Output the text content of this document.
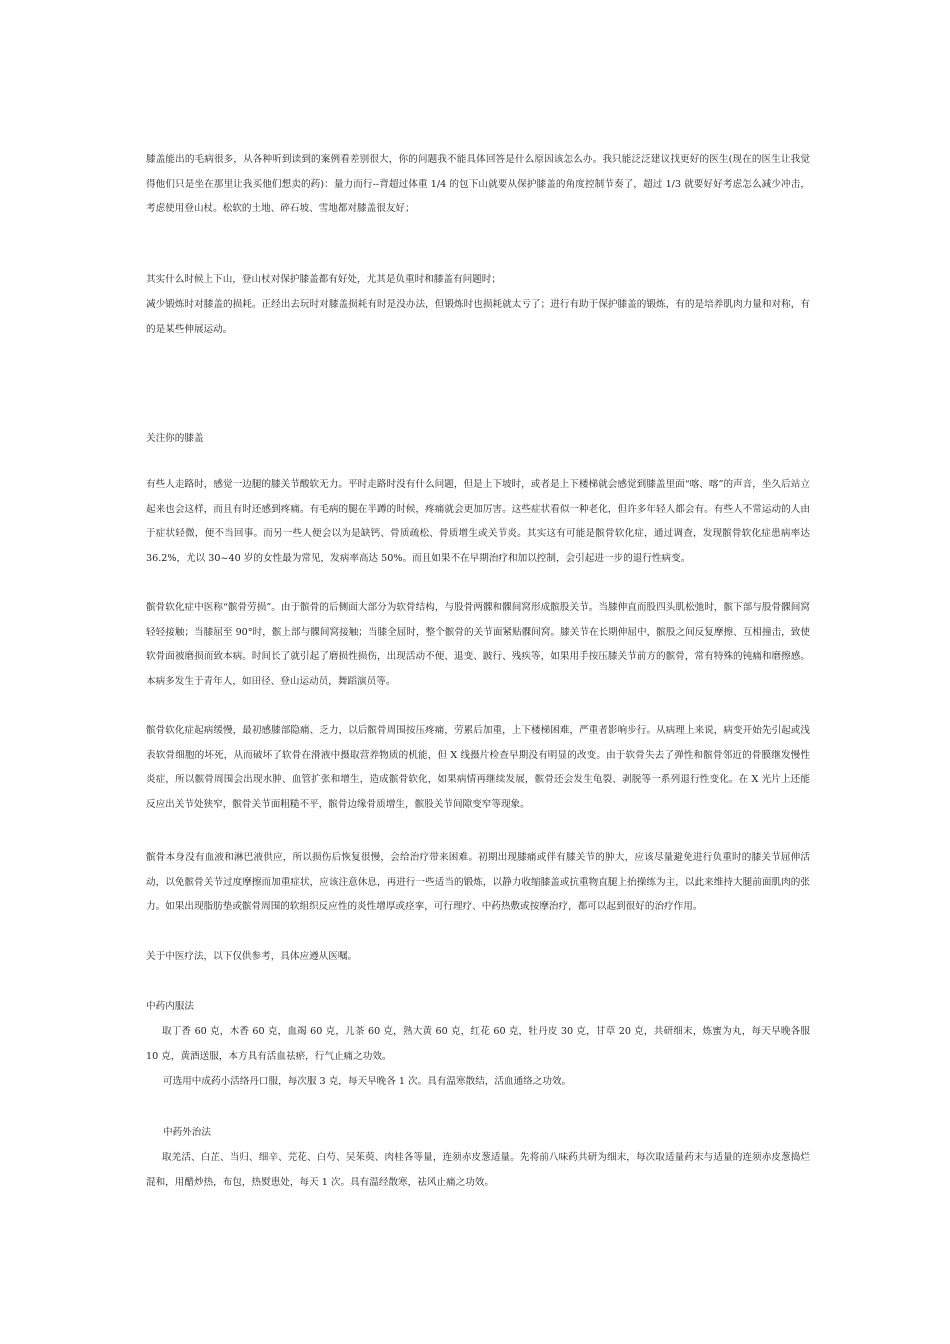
膝盖能出的毛病很多，从各种听到读到的案例看差别很大，你的问题我不能具体回答是什么原因该怎么办。我只能泛泛建议找更好的医生(现在的医生让我觉得他们只是坐在那里让我买他们想卖的药)：量力而行--背超过体重 1/4 的包下山就要从保护膝盖的角度控制节奏了，超过 1/3 就要好好考虑怎么减少冲击，考虑使用登山杖。松软的土地、碎石坡、雪地都对膝盖很友好；

其实什么时候上下山，登山杖对保护膝盖都有好处，尤其是负重时和膝盖有问题时；

减少锻炼时对膝盖的损耗。正经出去玩时对膝盖损耗有时是没办法，但锻炼时也损耗就太亏了；进行有助于保护膝盖的锻炼，有的是培养肌肉力量和对称，有的是某些伸展运动。

关注你的膝盖

有些人走路时，感觉一边腿的膝关节酸软无力。平时走路时没有什么问题，但是上下坡时，或者是上下楼梯就会感觉到膝盖里面“喀、喀”的声音，坐久后站立起来也会这样，而且有时还感到疼痛。有毛病的腿在半蹲的时候，疼痛就会更加厉害。这些症状看似一种老化，但许多年轻人都会有。有些人不常运动的人由于症状轻微，便不当回事。而另一些人便会以为是缺钙、骨质疏松、骨质增生或关节炎。其实这有可能是髌骨软化症，通过调查，发现髌骨软化症患病率达 36.2%，尤以 30~40 岁的女性最为常见，发病率高达 50%。而且如果不在早期治疗和加以控制，会引起进一步的退行性病变。

髌骨软化症中医称“髌骨劳损”。由于髌骨的后侧面大部分为软骨结构，与股骨两髁和髁间窝形成髌股关节。当膝伸直而股四头肌松弛时，髌下部与股骨髁间窝轻轻接触；当膝屈至 90°时，髌上部与髁间窝接触；当膝全屈时，整个髌骨的关节面紧贴髁间窝。膝关节在长期伸屈中，髌股之间反复摩擦、互相撞击，致使软骨面被磨损而致本病。时间长了就引起了磨损性损伤，出现活动不便、退变、跛行、残疾等，如果用手按压膝关节前方的髌骨，常有特殊的钝痛和磨擦感。本病多发生于青年人，如田径、登山运动员，舞蹈演员等。

髌骨软化症起病缓慢，最初感膝部隐痛、乏力，以后髌骨周围按压疼痛，劳累后加重，上下楼梯困难，严重者影响步行。从病理上来说，病变开始先引起或浅表软骨细胞的坏死，从而破坏了软骨在滑液中摄取营养物质的机能，但 X 线摄片检查早期没有明显的改变。由于软骨失去了弹性和髌骨邻近的骨膜继发慢性炎症，所以髌骨周围会出现水肿、血管扩张和增生，造成髌骨软化，如果病情再继续发展，髌骨还会发生龟裂、剥脱等一系列退行性变化。在 X 光片上还能反应出关节处狭窄，髌骨关节面粗糙不平，髌骨边缘骨质增生，髌股关节间隙变窄等现象。

髌骨本身没有血液和淋巴液供应，所以损伤后恢复很慢，会给治疗带来困难。初期出现膝痛或伴有膝关节的肿大，应该尽量避免进行负重时的膝关节屈伸活动，以免髌骨关节过度摩擦而加重症状，应该注意休息，再进行一些适当的锻炼，以静力收缩膝盖或抗重物直腿上抬操练为主，以此来维持大腿前面肌肉的张力。如果出现脂肪垫或髌骨周围的软组织反应性的炎性增厚或痉挛，可行理疗、中药热敷或按摩治疗，都可以起到很好的治疗作用。

关于中医疗法，以下仅供参考，具体应遵从医嘱。

中药内服法

取丁香 60 克，木香 60 克，血竭 60 克，儿茶 60 克，熟大黄 60 克，红花 60 克，牡丹皮 30 克，甘草 20 克，共研细末，炼蜜为丸，每天早晚各服 10 克，黄酒送服，本方具有活血祛瘀，行气止痛之功效。

可选用中成药小活络丹口服，每次服 3 克，每天早晚各 1 次。具有温寒散结，活血通络之功效。

中药外治法

取羌活、白芷、当归、细辛、芫花、白芍、吴茱萸、肉桂各等量，连须赤皮葱适量。先将前八味药共研为细末，每次取适量药末与适量的连须赤皮葱捣烂混和，用醋炒热，布包，热熨患处，每天 1 次。具有温经散寒，祛风止痛之功效。
